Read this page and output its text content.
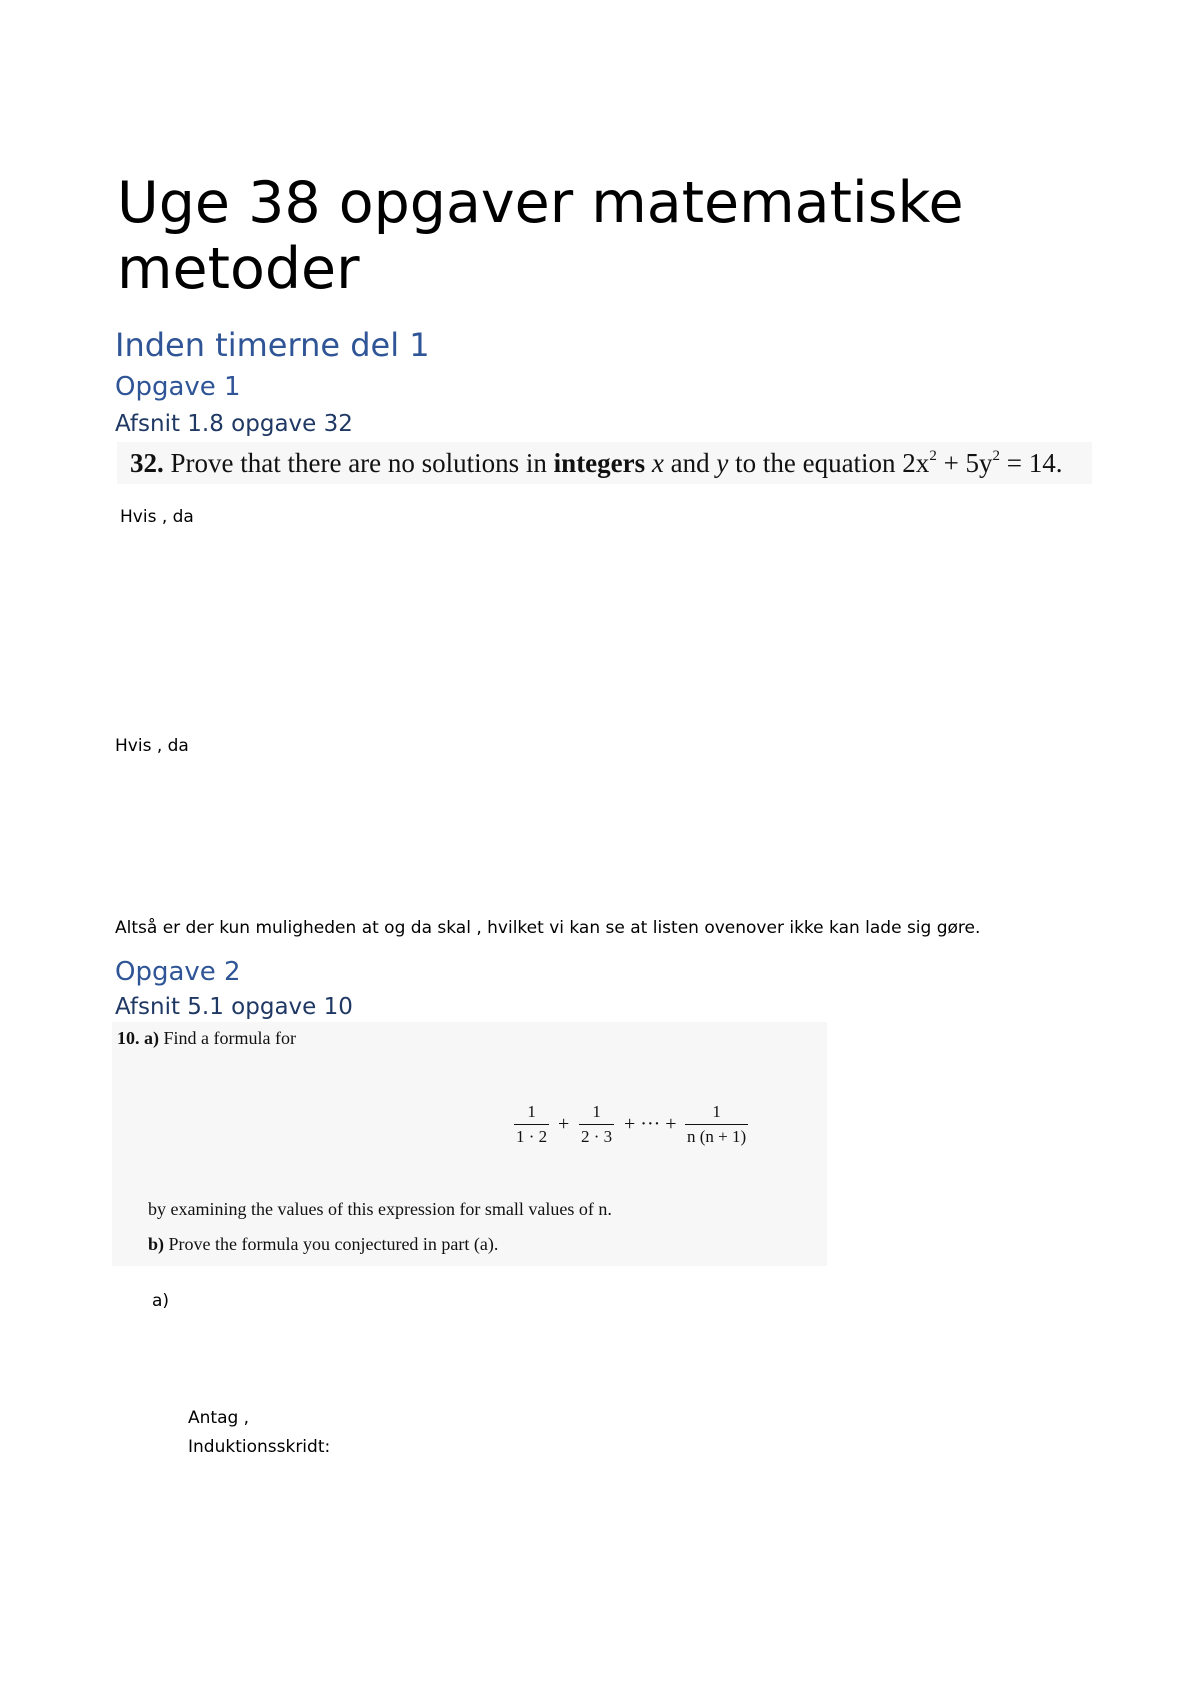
Uge 38 opgaver matematiske metoder
Inden timerne del 1
Opgave 1
Afsnit 1.8 opgave 32
32. Prove that there are no solutions in integers x and y to the equation $2x^2 + 5y^2 = 14$.
Hvis , da
Hvis , da
Altså er der kun muligheden at og da skal , hvilket vi kan se at listen ovenover ikke kan lade sig gøre.
Opgave 2
Afsnit 5.1 opgave 10
10. a) Find a formula for
$\frac{1}{1 \cdot 2} + \frac{1}{2 \cdot 3}$ + ··· + $\frac{1}{n (n + 1)}$
by examining the values of this expression for small values of n.
b) Prove the formula you conjectured in part (a).
a)
Antag ,
Induktionsskridt:
